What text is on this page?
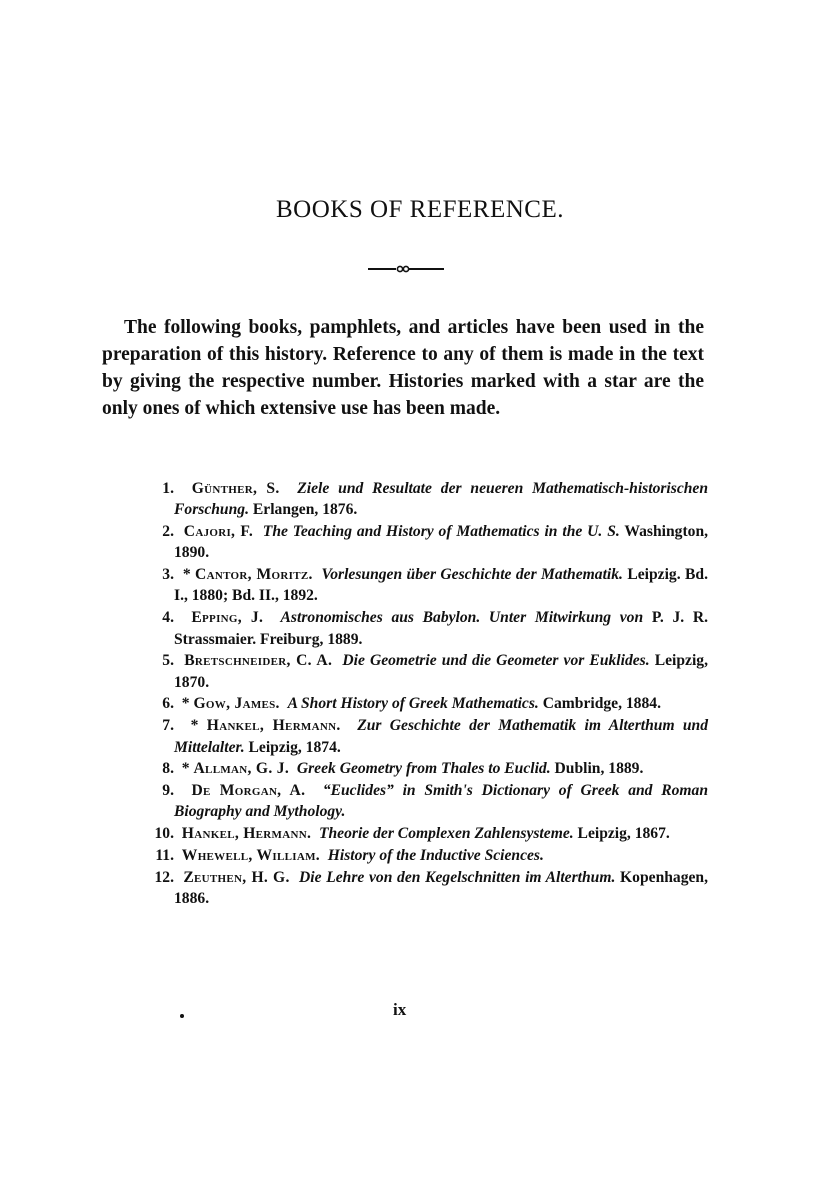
BOOKS OF REFERENCE.

The following books, pamphlets, and articles have been used in the preparation of this history. Reference to any of them is made in the text by giving the respective number. Histories marked with a star are the only ones of which extensive use has been made.

1. Günther, S. Ziele und Resultate der neueren Mathematisch-historischen Forschung. Erlangen, 1876.
2. Cajori, F. The Teaching and History of Mathematics in the U. S. Washington, 1890.
3. * Cantor, Moritz. Vorlesungen über Geschichte der Mathematik. Leipzig. Bd. I., 1880; Bd. II., 1892.
4. Epping, J. Astronomisches aus Babylon. Unter Mitwirkung von P. J. R. Strassmaier. Freiburg, 1889.
5. Bretschneider, C. A. Die Geometrie und die Geometer vor Euklides. Leipzig, 1870.
6. * Gow, James. A Short History of Greek Mathematics. Cambridge, 1884.
7. * Hankel, Hermann. Zur Geschichte der Mathematik im Alterthum und Mittelalter. Leipzig, 1874.
8. * Allman, G. J. Greek Geometry from Thales to Euclid. Dublin, 1889.
9. De Morgan, A. “Euclides” in Smith's Dictionary of Greek and Roman Biography and Mythology.
10. Hankel, Hermann. Theorie der Complexen Zahlensysteme. Leipzig, 1867.
11. Whewell, William. History of the Inductive Sciences.
12. Zeuthen, H. G. Die Lehre von den Kegelschnitten im Alterthum. Kopenhagen, 1886.
ix
